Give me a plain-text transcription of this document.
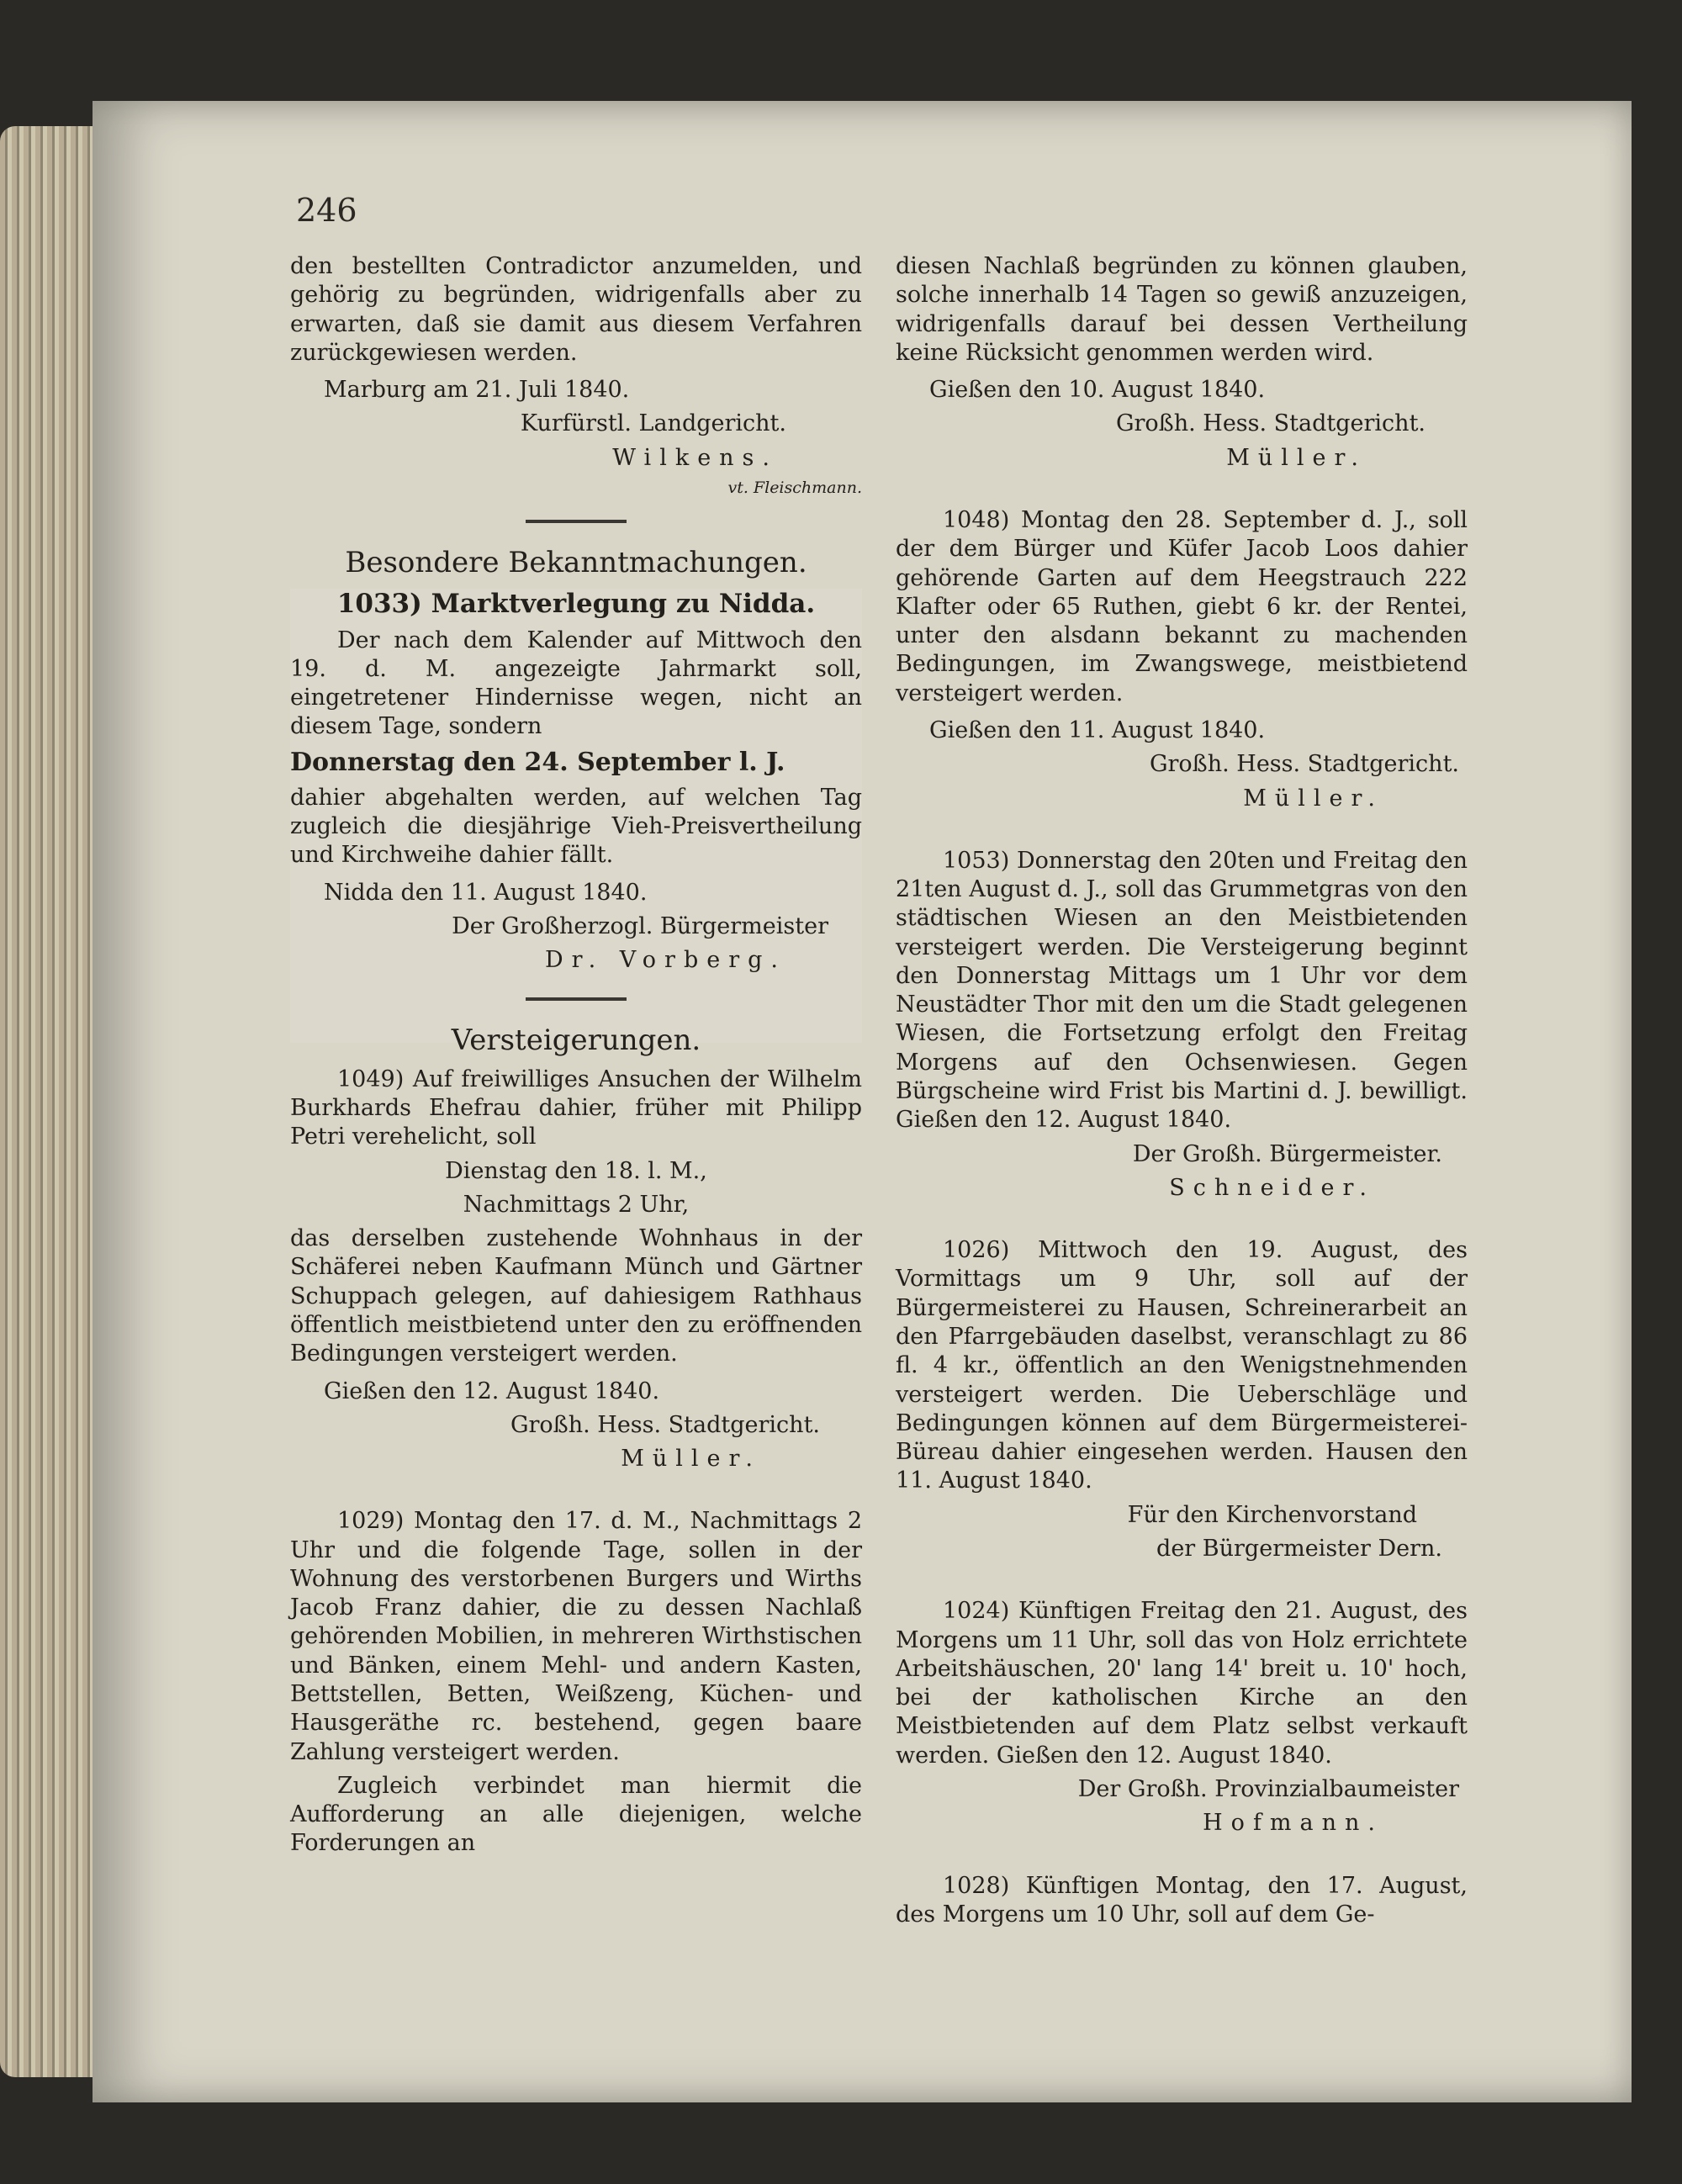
246

den bestellten Contradictor anzumelden, und gehörig zu begründen, widrigenfalls aber zu erwarten, daß sie damit aus diesem Verfahren zurückgewiesen werden.

Marburg am 21. Juli 1840.

Kurfürstl. Landgericht.

Wilkens.

vt. Fleischmann.

Besondere Bekanntmachungen.

1033) Marktverlegung zu Nidda.

Der nach dem Kalender auf Mittwoch den 19. d. M. angezeigte Jahrmarkt soll, eingetretener Hindernisse wegen, nicht an diesem Tage, sondern

Donnerstag den 24. September l. J.

dahier abgehalten werden, auf welchen Tag zugleich die diesjährige Vieh-Preisvertheilung und Kirchweihe dahier fällt.

Nidda den 11. August 1840.

Der Großherzogl. Bürgermeister

Dr. Vorberg.

Versteigerungen.

1049) Auf freiwilliges Ansuchen der Wilhelm Burkhards Ehefrau dahier, früher mit Philipp Petri verehelicht, soll

Dienstag den 18. l. M.,

Nachmittags 2 Uhr,

das derselben zustehende Wohnhaus in der Schäferei neben Kaufmann Münch und Gärtner Schuppach gelegen, auf dahiesigem Rathhaus öffentlich meistbietend unter den zu eröffnenden Bedingungen versteigert werden.

Gießen den 12. August 1840.

Großh. Hess. Stadtgericht.

Müller.

1029) Montag den 17. d. M., Nachmittags 2 Uhr und die folgende Tage, sollen in der Wohnung des verstorbenen Burgers und Wirths Jacob Franz dahier, die zu dessen Nachlaß gehörenden Mobilien, in mehreren Wirthstischen und Bänken, einem Mehl- und andern Kasten, Bettstellen, Betten, Weißzeng, Küchen- und Hausgeräthe rc. bestehend, gegen baare Zahlung versteigert werden.

Zugleich verbindet man hiermit die Aufforderung an alle diejenigen, welche Forderungen an

diesen Nachlaß begründen zu können glauben, solche innerhalb 14 Tagen so gewiß anzuzeigen, widrigenfalls darauf bei dessen Vertheilung keine Rücksicht genommen werden wird.

Gießen den 10. August 1840.

Großh. Hess. Stadtgericht.

Müller.

1048) Montag den 28. September d. J., soll der dem Bürger und Küfer Jacob Loos dahier gehörende Garten auf dem Heegstrauch 222 Klafter oder 65 Ruthen, giebt 6 kr. der Rentei, unter den alsdann bekannt zu machenden Bedingungen, im Zwangswege, meistbietend versteigert werden.

Gießen den 11. August 1840.

Großh. Hess. Stadtgericht.

Müller.

1053) Donnerstag den 20ten und Freitag den 21ten August d. J., soll das Grummetgras von den städtischen Wiesen an den Meistbietenden versteigert werden. Die Versteigerung beginnt den Donnerstag Mittags um 1 Uhr vor dem Neustädter Thor mit den um die Stadt gelegenen Wiesen, die Fortsetzung erfolgt den Freitag Morgens auf den Ochsenwiesen. Gegen Bürgscheine wird Frist bis Martini d. J. bewilligt. Gießen den 12. August 1840.

Der Großh. Bürgermeister.

Schneider.

1026) Mittwoch den 19. August, des Vormittags um 9 Uhr, soll auf der Bürgermeisterei zu Hausen, Schreinerarbeit an den Pfarrgebäuden daselbst, veranschlagt zu 86 fl. 4 kr., öffentlich an den Wenigstnehmenden versteigert werden. Die Ueberschläge und Bedingungen können auf dem Bürgermeisterei-Büreau dahier eingesehen werden. Hausen den 11. August 1840.

Für den Kirchenvorstand

der Bürgermeister Dern.

1024) Künftigen Freitag den 21. August, des Morgens um 11 Uhr, soll das von Holz errichtete Arbeitshäuschen, 20' lang 14' breit u. 10' hoch, bei der katholischen Kirche an den Meistbietenden auf dem Platz selbst verkauft werden. Gießen den 12. August 1840.

Der Großh. Provinzialbaumeister

Hofmann.

1028) Künftigen Montag, den 17. August, des Morgens um 10 Uhr, soll auf dem Ge-
